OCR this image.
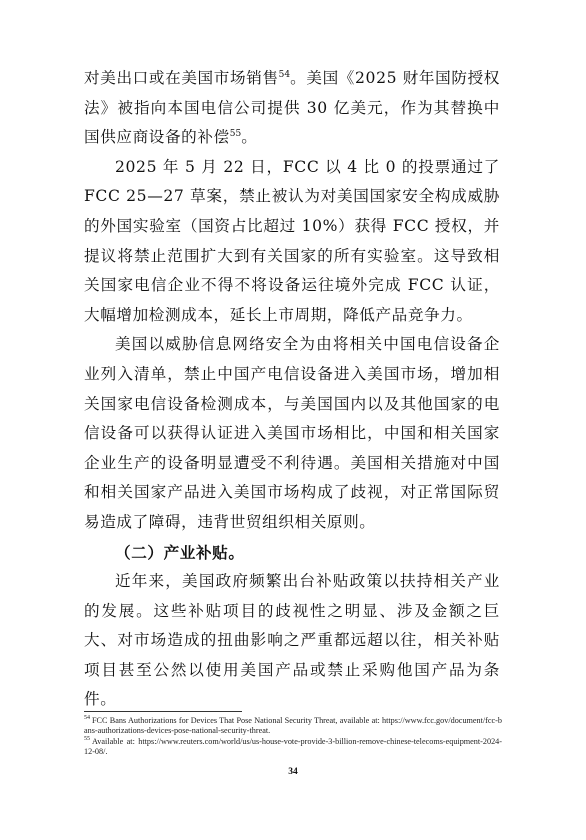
对美出口或在美国市场销售$^{54}$。美国《2025 财年国防授权法》被指向本国电信公司提供 30 亿美元，作为其替换中国供应商设备的补偿$^{55}$。

2025 年 5 月 22 日，FCC 以 4 比 0 的投票通过了 FCC 25—27 草案，禁止被认为对美国国家安全构成威胁的外国实验室（国资占比超过 10%）获得 FCC 授权，并提议将禁止范围扩大到有关国家的所有实验室。这导致相关国家电信企业不得不将设备运往境外完成 FCC 认证，大幅增加检测成本，延长上市周期，降低产品竞争力。

美国以威胁信息网络安全为由将相关中国电信设备企业列入清单，禁止中国产电信设备进入美国市场，增加相关国家电信设备检测成本，与美国国内以及其他国家的电信设备可以获得认证进入美国市场相比，中国和相关国家企业生产的设备明显遭受不利待遇。美国相关措施对中国和相关国家产品进入美国市场构成了歧视，对正常国际贸易造成了障碍，违背世贸组织相关原则。

（二）产业补贴。

近年来，美国政府频繁出台补贴政策以扶持相关产业的发展。这些补贴项目的歧视性之明显、涉及金额之巨大、对市场造成的扭曲影响之严重都远超以往，相关补贴项目甚至公然以使用美国产品或禁止采购他国产品为条件。

$^{54}$ FCC Bans Authorizations for Devices That Pose National Security Threat, available at: https://www.fcc.gov/document/fcc-bans-authorizations-devices-pose-national-security-threat.

$^{55}$ Available at: https://www.reuters.com/world/us/us-house-vote-provide-3-billion-remove-chinese-telecoms-equipment-2024-12-08/.

34
